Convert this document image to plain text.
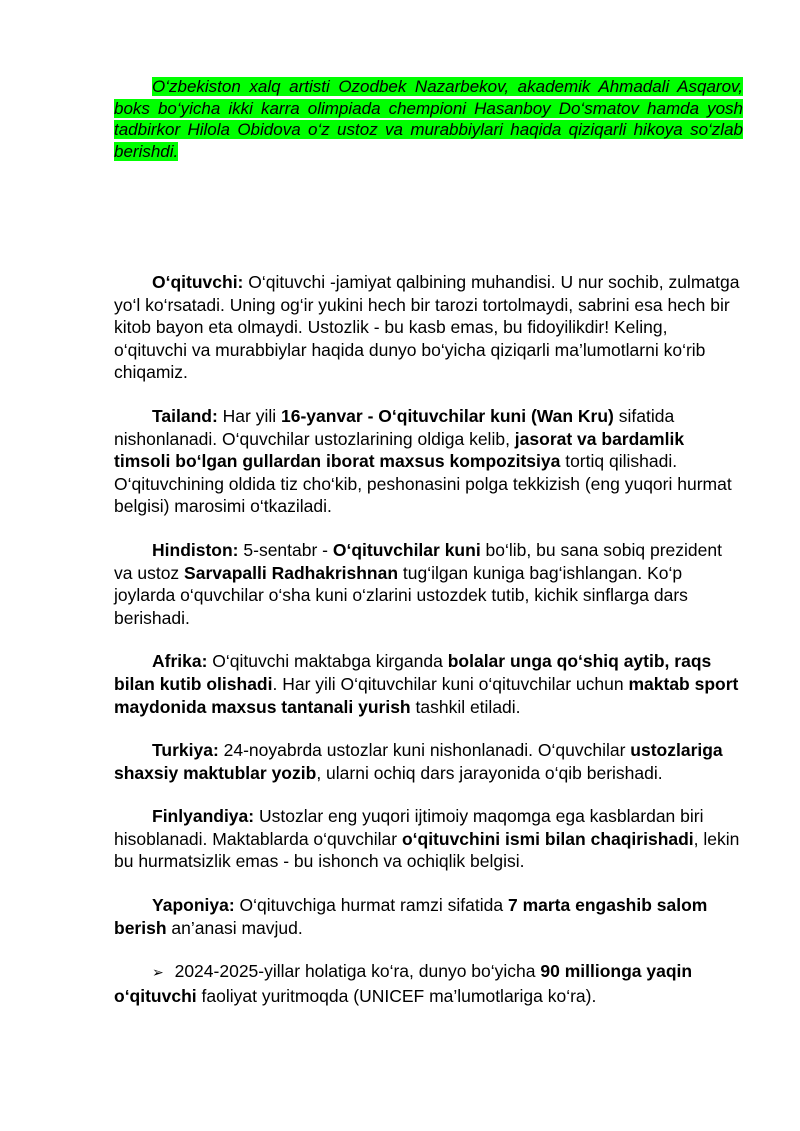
O‘zbekiston xalq artisti Ozodbek Nazarbekov, akademik Ahmadali Asqarov, boks bo‘yicha ikki karra olimpiada chempioni Hasanboy Do‘smatov hamda yosh tadbirkor Hilola Obidova o‘z ustoz va murabbiylari haqida qiziqarli hikoya so‘zlab berishdi.

O‘qituvchi: O‘qituvchi -jamiyat qalbining muhandisi. U nur sochib, zulmatga yo‘l ko‘rsatadi. Uning og‘ir yukini hech bir tarozi tortolmaydi, sabrini esa hech bir kitob bayon eta olmaydi. Ustozlik - bu kasb emas, bu fidoyilikdir! Keling, o‘qituvchi va murabbiylar haqida dunyo bo‘yicha qiziqarli ma’lumotlarni ko‘rib chiqamiz.

Tailand: Har yili 16-yanvar - O‘qituvchilar kuni (Wan Kru) sifatida nishonlanadi. O‘quvchilar ustozlarining oldiga kelib, jasorat va bardamlik timsoli bo‘lgan gullardan iborat maxsus kompozitsiya tortiq qilishadi. O‘qituvchining oldida tiz cho‘kib, peshonasini polga tekkizish (eng yuqori hurmat belgisi) marosimi o‘tkaziladi.

Hindiston: 5-sentabr - O‘qituvchilar kuni bo‘lib, bu sana sobiq prezident va ustoz Sarvapalli Radhakrishnan tug‘ilgan kuniga bag‘ishlangan. Ko‘p joylarda o‘quvchilar o‘sha kuni o‘zlarini ustozdek tutib, kichik sinflarga dars berishadi.

Afrika: O‘qituvchi maktabga kirganda bolalar unga qo‘shiq aytib, raqs bilan kutib olishadi. Har yili O‘qituvchilar kuni o‘qituvchilar uchun maktab sport maydonida maxsus tantanali yurish tashkil etiladi.

Turkiya: 24-noyabrda ustozlar kuni nishonlanadi. O‘quvchilar ustozlariga shaxsiy maktublar yozib, ularni ochiq dars jarayonida o‘qib berishadi.

Finlyandiya: Ustozlar eng yuqori ijtimoiy maqomga ega kasblardan biri hisoblanadi. Maktablarda o‘quvchilar o‘qituvchini ismi bilan chaqirishadi, lekin bu hurmatsizlik emas - bu ishonch va ochiqlik belgisi.

Yaponiya: O‘qituvchiga hurmat ramzi sifatida 7 marta engashib salom berish an’anasi mavjud.

➢ 2024-2025-yillar holatiga ko‘ra, dunyo bo‘yicha 90 millionga yaqin o‘qituvchi faoliyat yuritmoqda (UNICEF ma’lumotlariga ko‘ra).
